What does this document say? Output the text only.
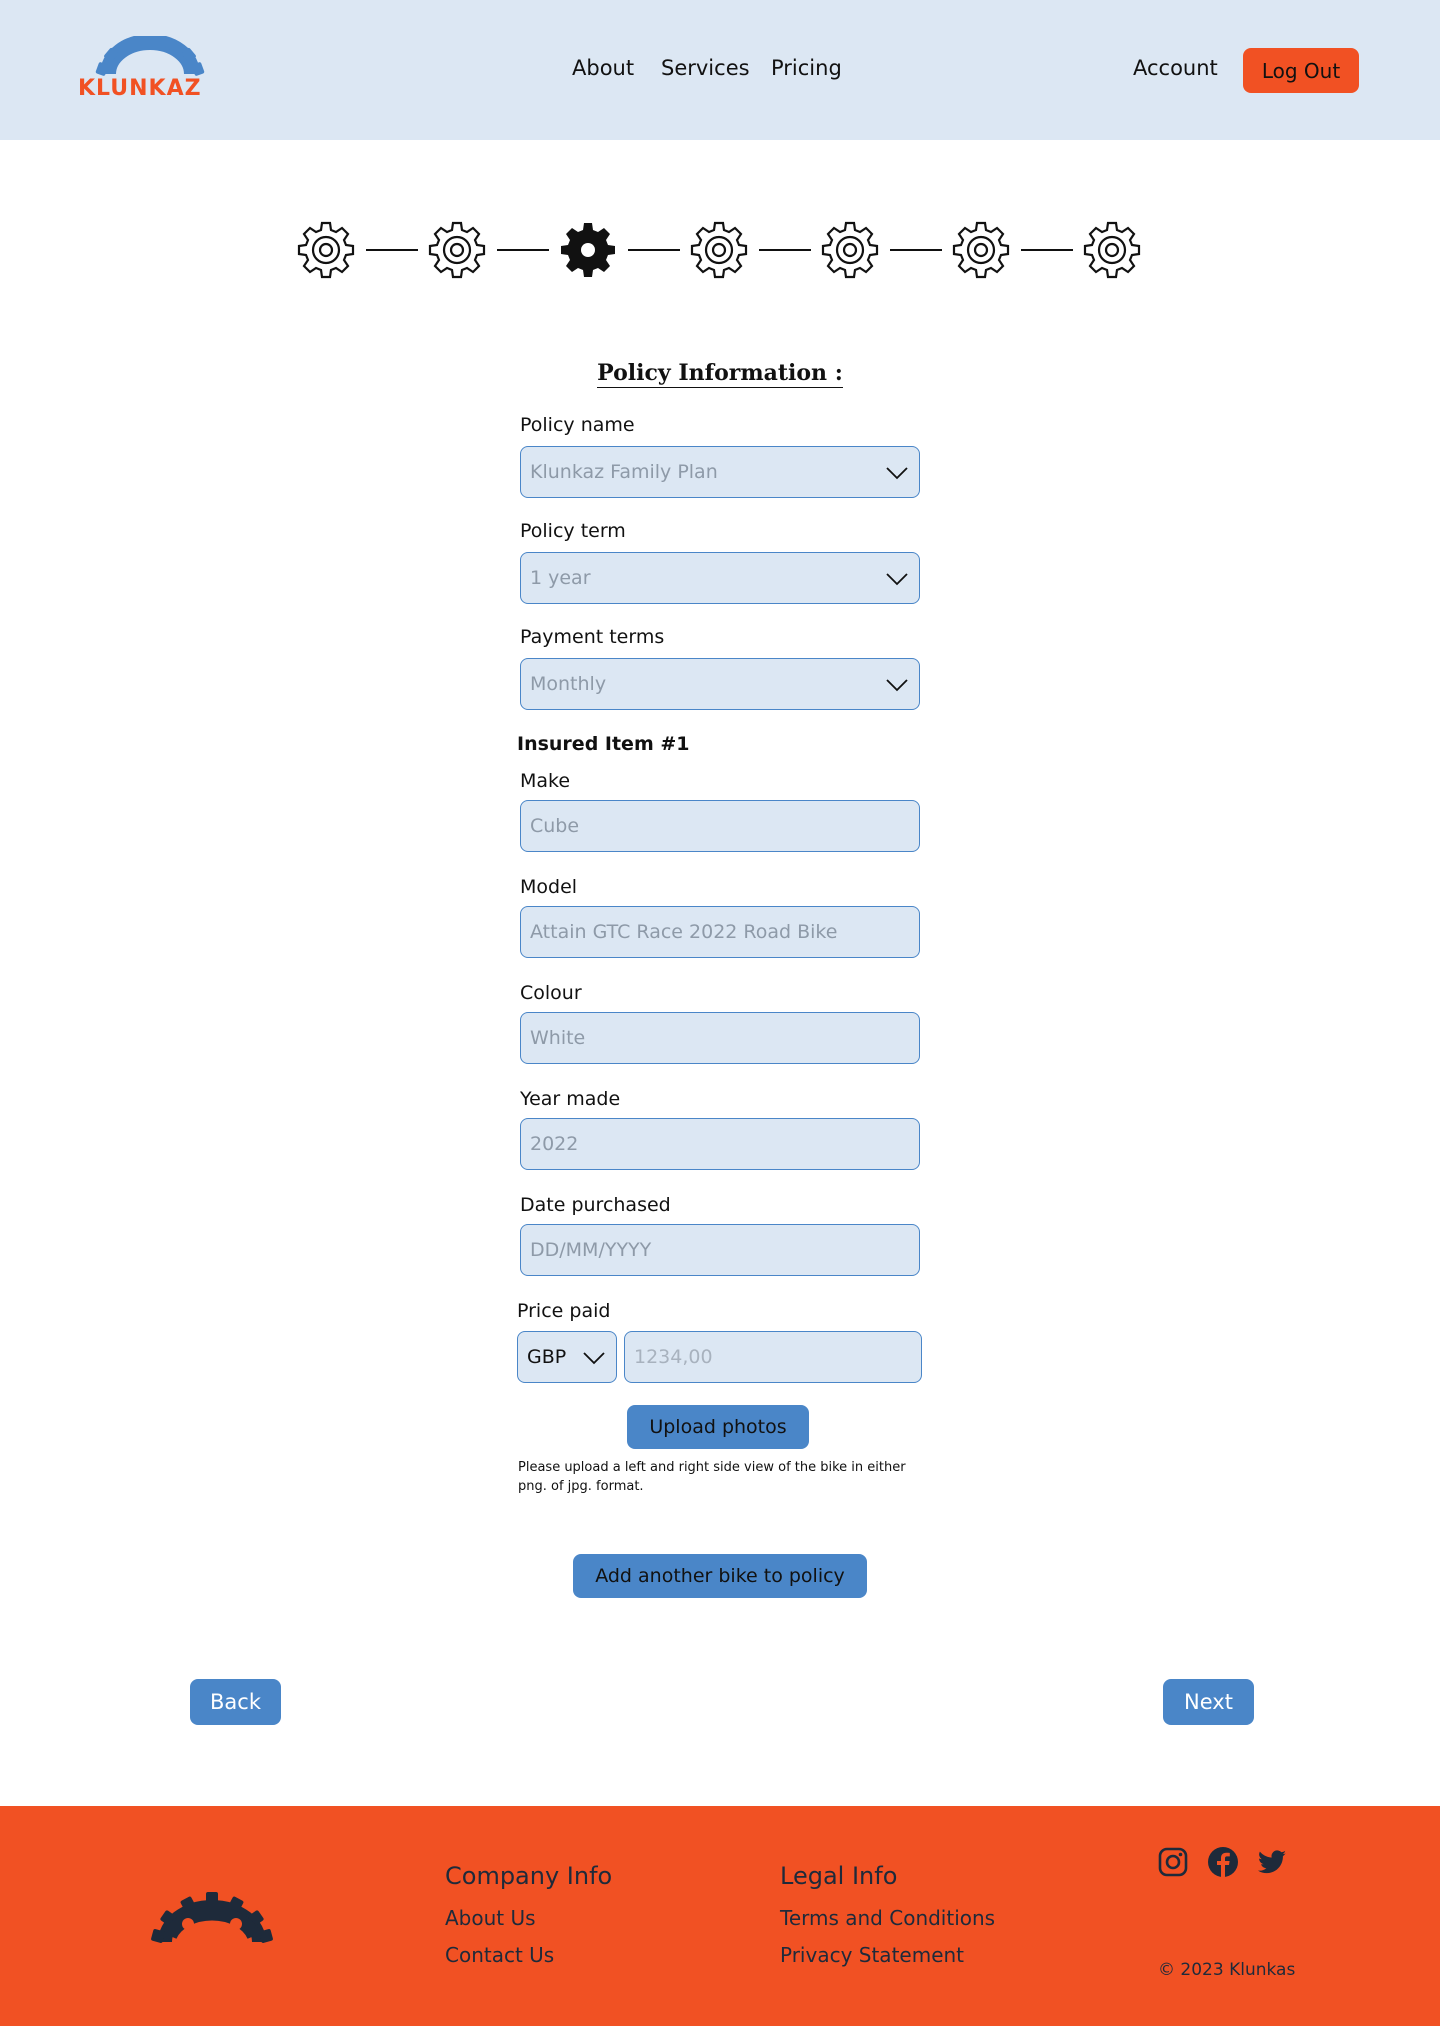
KLUNKAZ
About Services Pricing	Account	Log Out
Policy Information :
Policy name
Klunkaz Family Plan
Policy term
1 year
Payment terms
Monthly
Insured Item #1
Make
Cube
Model
Attain GTC Race 2022 Road Bike
Colour
White
Year made
2022
Date purchased
DD/MM/YYYY
Price paid
GBP	1234,00
Upload photos
Please upload a left and right side view of the bike in either png. of jpg. format.
Add another bike to policy
Back	Next
Company Info
About Us
Contact Us
Legal Info
Terms and Conditions
Privacy Statement
© 2023 Klunkas
